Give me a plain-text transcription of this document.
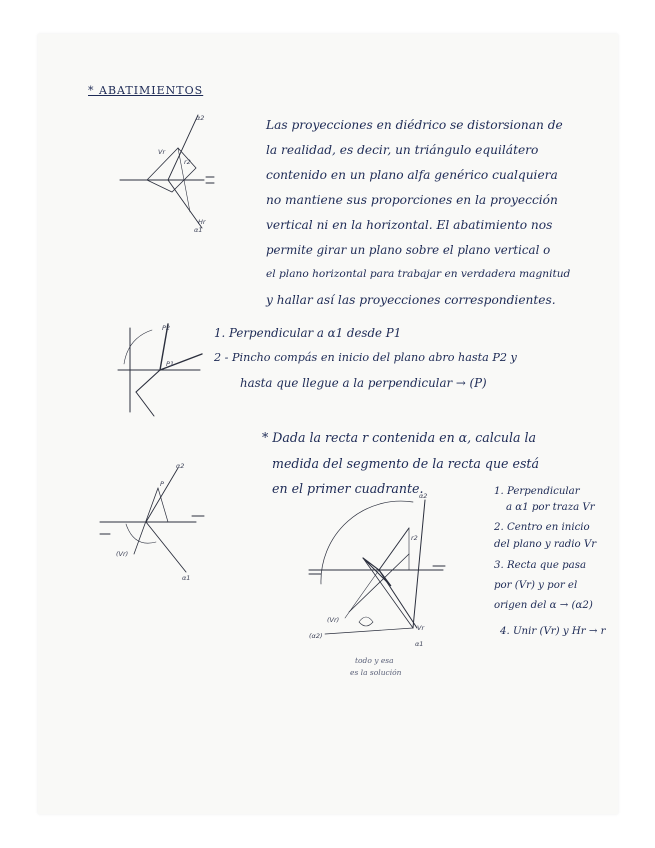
* ABATIMIENTOS
Las proyecciones en diédrico se distorsionan de
la realidad, es decir, un triángulo equilátero
contenido en un plano alfa genérico cualquiera
no mantiene sus proporciones en la proyección
vertical ni en la horizontal. El abatimiento nos
permite girar un plano sobre el plano vertical o
el plano horizontal para trabajar en verdadera magnitud
y hallar así las proyecciones correspondientes.
1. Perpendicular a α1 desde P1
2 - Pincho compás en inicio del plano abro hasta P2 y
hasta que llegue a la perpendicular → (P)
* Dada la recta r contenida en α, calcula la
medida del segmento de la recta que está
en el primer cuadrante.	1. Perpendicular
a α1 por traza Vr
2. Centro en inicio
del plano y radio Vr
3. Recta que pasa
por (Vr) y por el
origen del α → (α2)
4. Unir (Vr) y Hr → r
α2
r2
Vr
Hr
α1
P2
P1
α2
P
(Vr)
α1
α2
r2
(Vr)
Vr
(α2)
α1
todo y esa
es la solución
